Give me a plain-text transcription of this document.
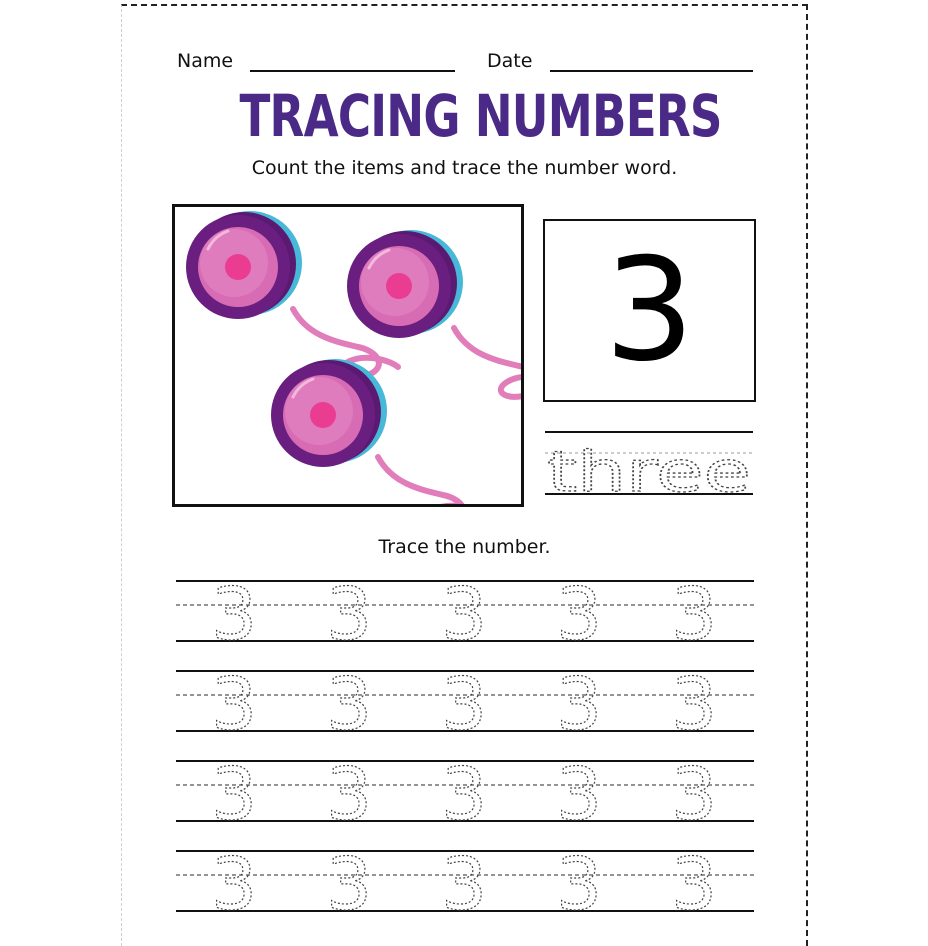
Name	Date
TRACING NUMBERS
Count the items and trace the number word.
3
three
Trace the number.
3 3 3 3 3
3 3 3 3 3
3 3 3 3 3
3 3 3 3 3
